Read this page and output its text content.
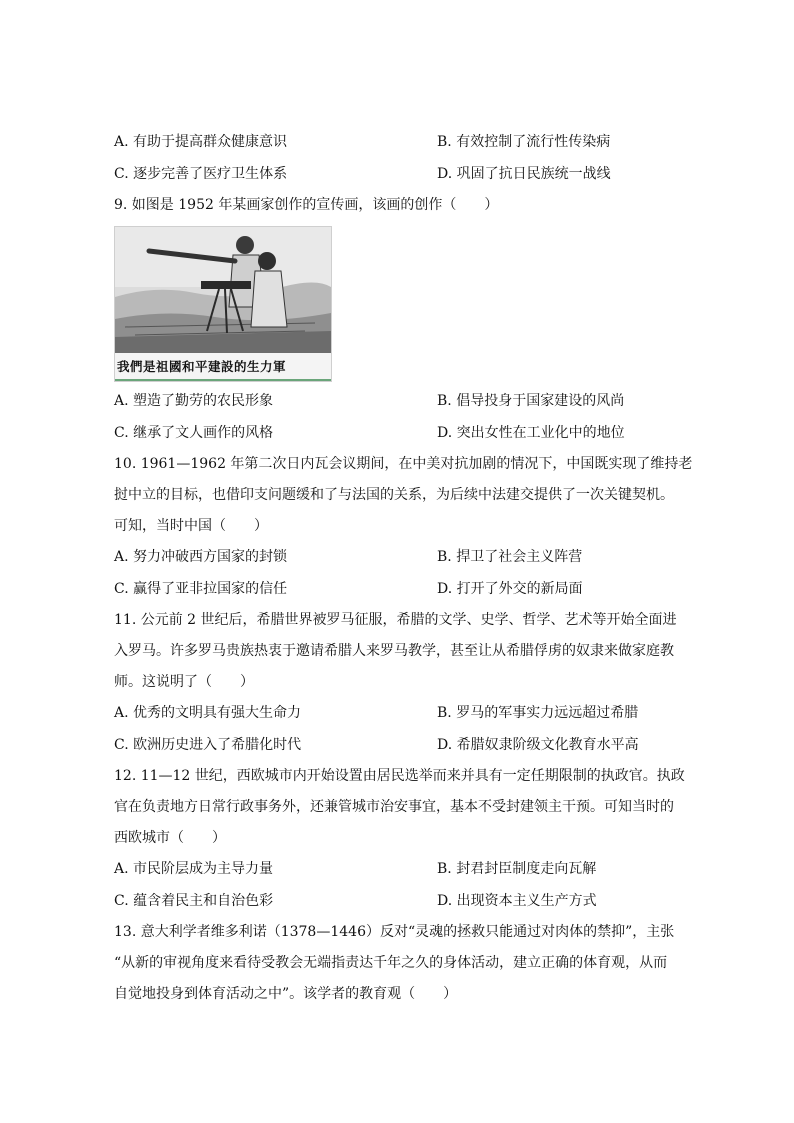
A. 有助于提高群众健康意识	B. 有效控制了流行性传染病
C. 逐步完善了医疗卫生体系	D. 巩固了抗日民族统一战线
9. 如图是 1952 年某画家创作的宣传画，该画的创作（　　）
我們是祖國和平建設的生力軍
A. 塑造了勤劳的农民形象	B. 倡导投身于国家建设的风尚
C. 继承了文人画作的风格	D. 突出女性在工业化中的地位
10. 1961—1962 年第二次日内瓦会议期间，在中美对抗加剧的情况下，中国既实现了维持老
挝中立的目标，也借印支问题缓和了与法国的关系，为后续中法建交提供了一次关键契机。
可知，当时中国（　　）
A. 努力冲破西方国家的封锁	B. 捍卫了社会主义阵营
C. 赢得了亚非拉国家的信任	D. 打开了外交的新局面
11. 公元前 2 世纪后，希腊世界被罗马征服，希腊的文学、史学、哲学、艺术等开始全面进
入罗马。许多罗马贵族热衷于邀请希腊人来罗马教学，甚至让从希腊俘虏的奴隶来做家庭教
师。这说明了（　　）
A. 优秀的文明具有强大生命力	B. 罗马的军事实力远远超过希腊
C. 欧洲历史进入了希腊化时代	D. 希腊奴隶阶级文化教育水平高
12. 11—12 世纪，西欧城市内开始设置由居民选举而来并具有一定任期限制的执政官。执政
官在负责地方日常行政事务外，还兼管城市治安事宜，基本不受封建领主干预。可知当时的
西欧城市（　　）
A. 市民阶层成为主导力量	B. 封君封臣制度走向瓦解
C. 蕴含着民主和自治色彩	D. 出现资本主义生产方式
13. 意大利学者维多利诺（1378—1446）反对“灵魂的拯救只能通过对肉体的禁抑”，主张
“从新的审视角度来看待受教会无端指责达千年之久的身体活动，建立正确的体育观，从而
自觉地投身到体育活动之中”。该学者的教育观（　　）
